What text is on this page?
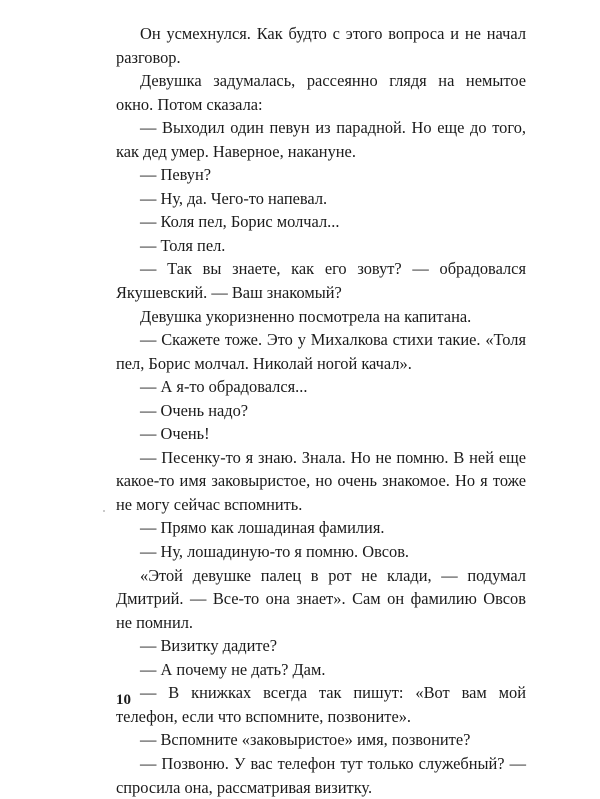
Он усмехнулся. Как будто с этого вопроса и не начал разговор.

Девушка задумалась, рассеянно глядя на немытое окно. Потом сказала:

— Выходил один певун из парадной. Но еще до того, как дед умер. Наверное, накануне.

— Певун?

— Ну, да. Чего-то напевал.

— Коля пел, Борис молчал...

— Толя пел.

— Так вы знаете, как его зовут? — обрадовался Якушевский. — Ваш знакомый?

Девушка укоризненно посмотрела на капитана.

— Скажете тоже. Это у Михалкова стихи такие. «Толя пел, Борис молчал. Николай ногой качал».

— А я-то обрадовался...

— Очень надо?

— Очень!

— Песенку-то я знаю. Знала. Но не помню. В ней еще какое-то имя заковыристое, но очень знакомое. Но я тоже не могу сейчас вспомнить.

— Прямо как лошадиная фамилия.

— Ну, лошадиную-то я помню. Овсов.

«Этой девушке палец в рот не клади, — подумал Дмитрий. — Все-то она знает». Сам он фамилию Овсов не помнил.

— Визитку дадите?

— А почему не дать? Дам.

— В книжках всегда так пишут: «Вот вам мой телефон, если что вспомните, позвоните».

— Вспомните «заковыристое» имя, позвоните?

— Позвоню. У вас телефон тут только служебный? — спросила она, рассматривая визитку.

10
